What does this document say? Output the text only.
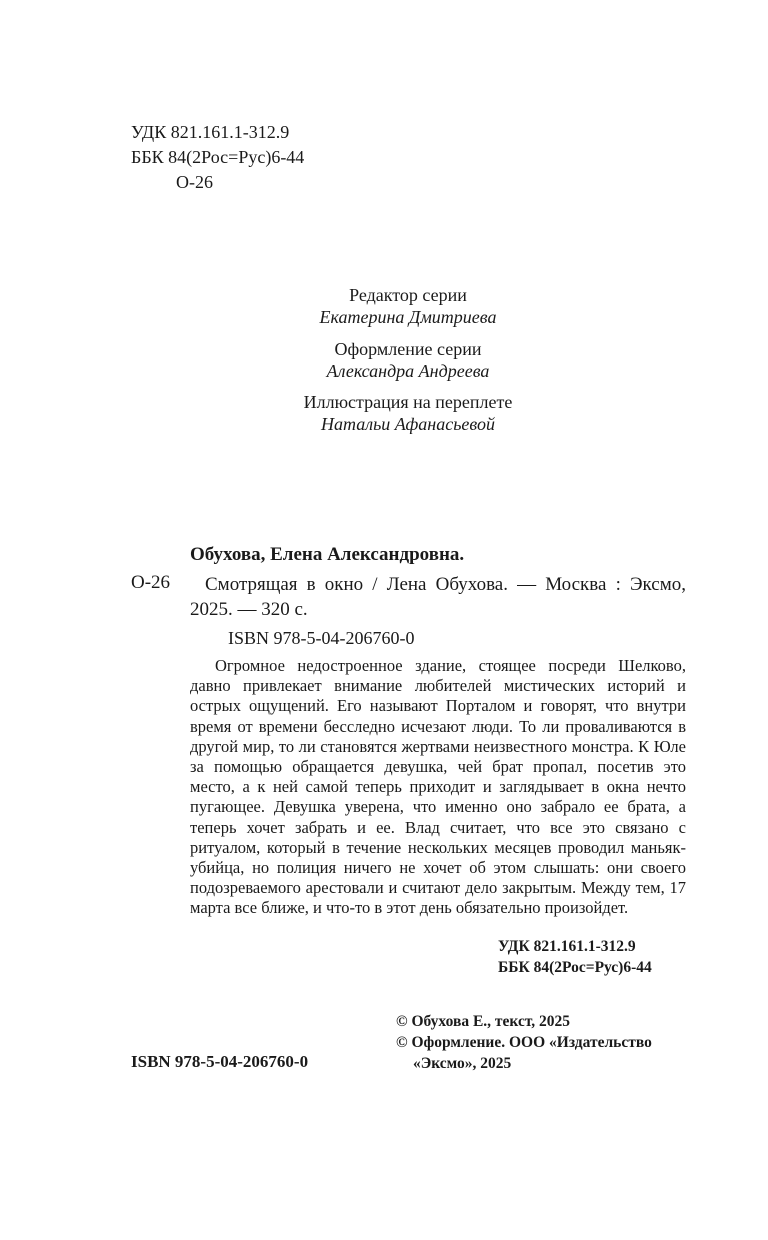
УДК 821.161.1-312.9
ББК 84(2Рос=Рус)6-44
О-26
Редактор серии
Екатерина Дмитриева
Оформление серии
Александра Андреева
Иллюстрация на переплете
Натальи Афанасьевой
Обухова, Елена Александровна.
О-26	Смотрящая в окно / Лена Обухова. — Москва : Эксмо, 2025. — 320 с.
ISBN 978-5-04-206760-0
Огромное недостроенное здание, стоящее посреди Шелково, давно привлекает внимание любителей мистических историй и острых ощущений. Его называют Порталом и говорят, что внутри время от времени бесследно исчезают люди. То ли проваливаются в другой мир, то ли становятся жертвами неизвестного монстра. К Юле за помощью обращается девушка, чей брат пропал, посетив это место, а к ней самой теперь приходит и заглядывает в окна нечто пугающее. Девушка уверена, что именно оно забрало ее брата, а теперь хочет забрать и ее. Влад считает, что все это связано с ритуалом, который в течение нескольких месяцев проводил маньяк-убийца, но полиция ничего не хочет об этом слышать: они своего подозреваемого арестовали и считают дело закрытым. Между тем, 17 марта все ближе, и что-то в этот день обязательно произойдет.
УДК 821.161.1-312.9
ББК 84(2Рос=Рус)6-44
© Обухова Е., текст, 2025
© Оформление. ООО «Издательство
«Эксмо», 2025
ISBN 978-5-04-206760-0
